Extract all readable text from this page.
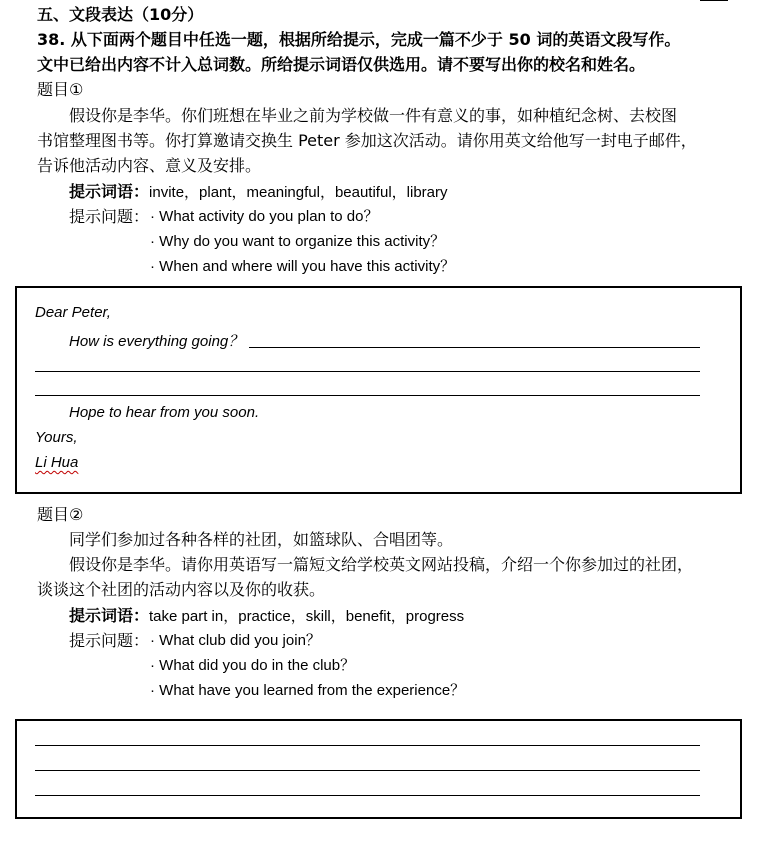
五、文段表达（10分）
38. 从下面两个题目中任选一题，根据所给提示，完成一篇不少于 50 词的英语文段写作。
文中已给出内容不计入总词数。所给提示词语仅供选用。请不要写出你的校名和姓名。
题目①
假设你是李华。你们班想在毕业之前为学校做一件有意义的事，如种植纪念树、去校图
书馆整理图书等。你打算邀请交换生 Peter 参加这次活动。请你用英文给他写一封电子邮件，
告诉他活动内容、意义及安排。
提示词语：invite，plant，meaningful，beautiful，library
提示问题： · What activity do you plan to do？
· Why do you want to organize this activity？
· When and where will you have this activity？
Dear Peter,
How is everything going？
Hope to hear from you soon.
Yours,
Li Hua
题目②
同学们参加过各种各样的社团，如篮球队、合唱团等。
假设你是李华。请你用英语写一篇短文给学校英文网站投稿，介绍一个你参加过的社团，
谈谈这个社团的活动内容以及你的收获。
提示词语：take part in，practice，skill，benefit，progress
提示问题： · What club did you join？
· What did you do in the club？
· What have you learned from the experience？
